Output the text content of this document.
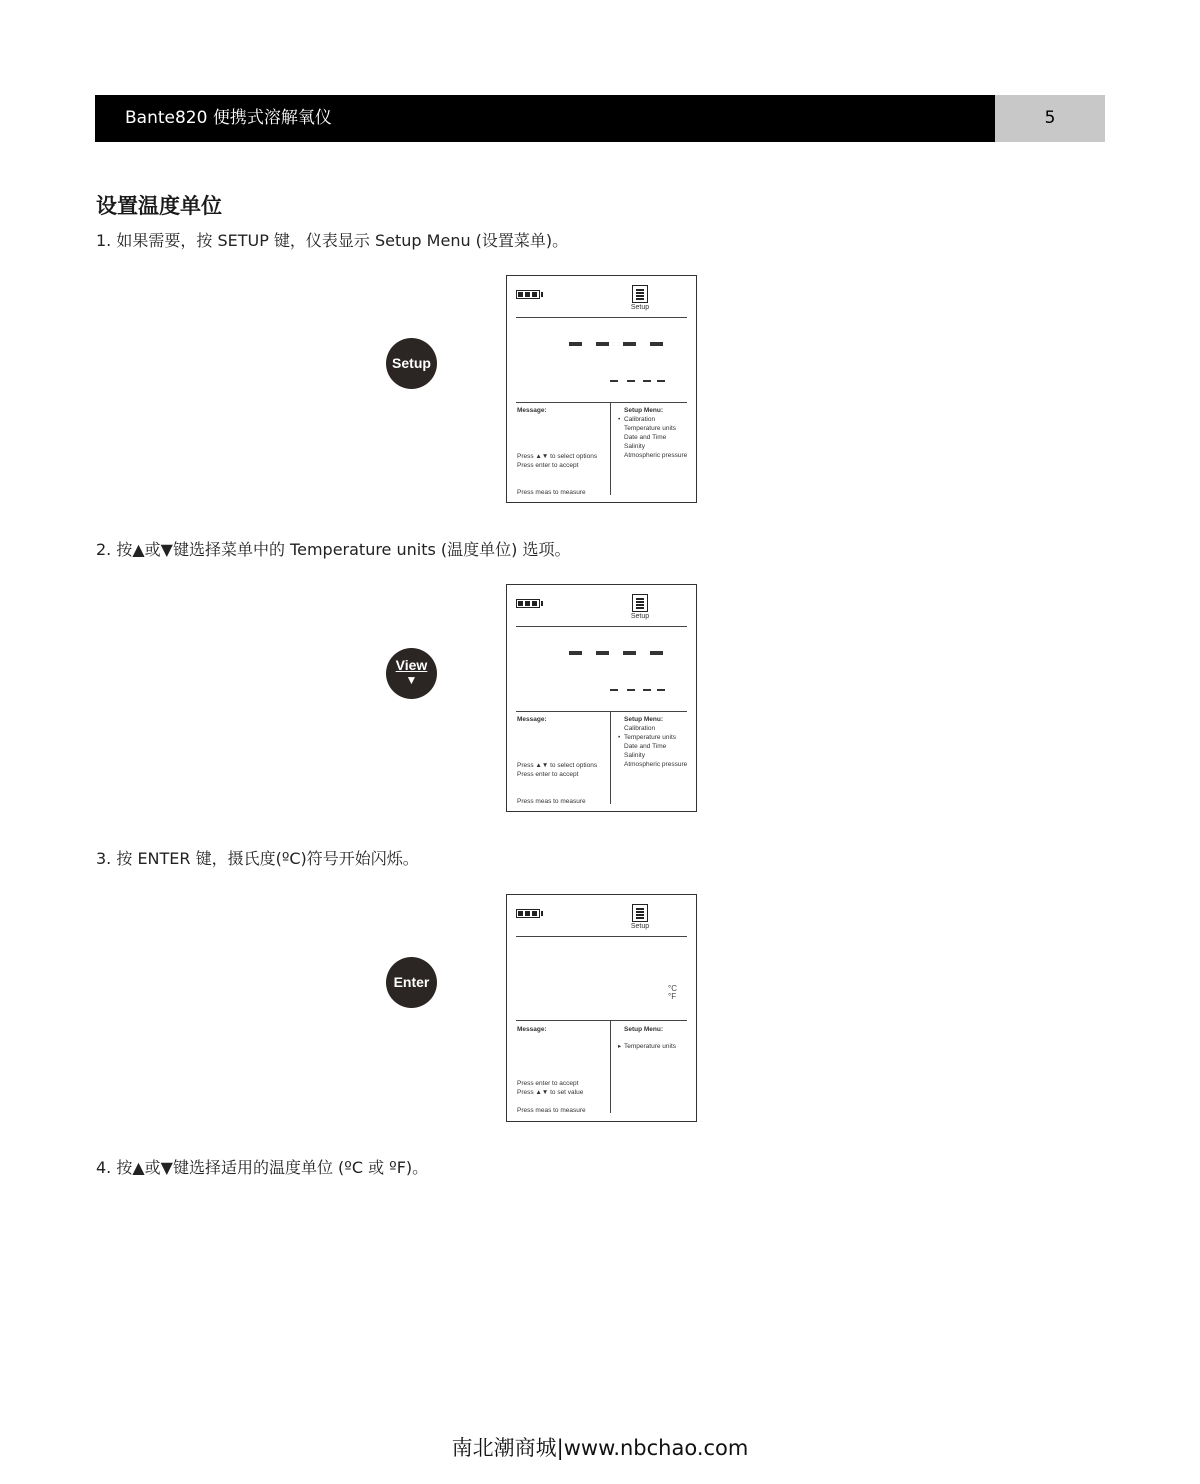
Bante820 便携式溶解氧仪	5
设置温度单位
1. 如果需要，按 SETUP 键，仪表显示 Setup Menu (设置菜单)。
2. 按▲或▼键选择菜单中的 Temperature units (温度单位) 选项。
3. 按 ENTER 键，摄氏度(ºC)符号开始闪烁。
4. 按▲或▼键选择适用的温度单位 (ºC 或 ºF)。
Setup
Setup
Message:
Press ▲▼ to select options
Press enter to accept
Press meas to measure
Setup Menu:
• Calibration
Temperature units
Date and Time
Salinity
Atmospheric pressure
View
▼
Setup
Message:
Press ▲▼ to select options
Press enter to accept
Press meas to measure
Setup Menu:
Calibration
• Temperature units
Date and Time
Salinity
Atmospheric pressure
Enter
Setup
°C
°F
Message:
Press enter to accept
Press ▲▼ to set value
Press meas to measure
Setup Menu:
▸ Temperature units
南北潮商城|www.nbchao.com
